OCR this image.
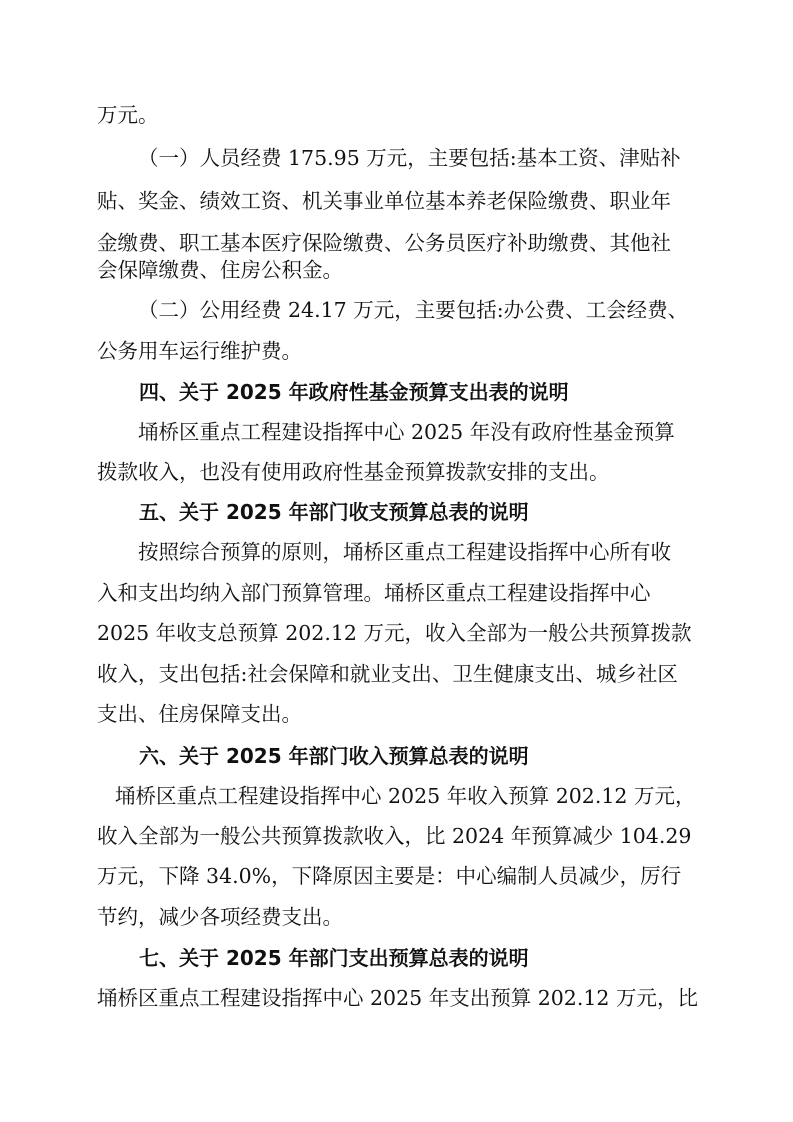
万元。
（一）人员经费 175.95 万元，主要包括:基本工资、津贴补
贴、奖金、绩效工资、机关事业单位基本养老保险缴费、职业年
金缴费、职工基本医疗保险缴费、公务员医疗补助缴费、其他社
会保障缴费、住房公积金。
（二）公用经费 24.17 万元，主要包括:办公费、工会经费、
公务用车运行维护费。
四、关于 2025 年政府性基金预算支出表的说明
埇桥区重点工程建设指挥中心 2025 年没有政府性基金预算
拨款收入，也没有使用政府性基金预算拨款安排的支出。
五、关于 2025 年部门收支预算总表的说明
按照综合预算的原则，埇桥区重点工程建设指挥中心所有收
入和支出均纳入部门预算管理。埇桥区重点工程建设指挥中心
2025 年收支总预算 202.12 万元，收入全部为一般公共预算拨款
收入，支出包括:社会保障和就业支出、卫生健康支出、城乡社区
支出、住房保障支出。
六、关于 2025 年部门收入预算总表的说明
埇桥区重点工程建设指挥中心 2025 年收入预算 202.12 万元，
收入全部为一般公共预算拨款收入，比 2024 年预算减少 104.29
万元，下降 34.0%，下降原因主要是：中心编制人员减少，厉行
节约，减少各项经费支出。
七、关于 2025 年部门支出预算总表的说明
埇桥区重点工程建设指挥中心 2025 年支出预算 202.12 万元，比
